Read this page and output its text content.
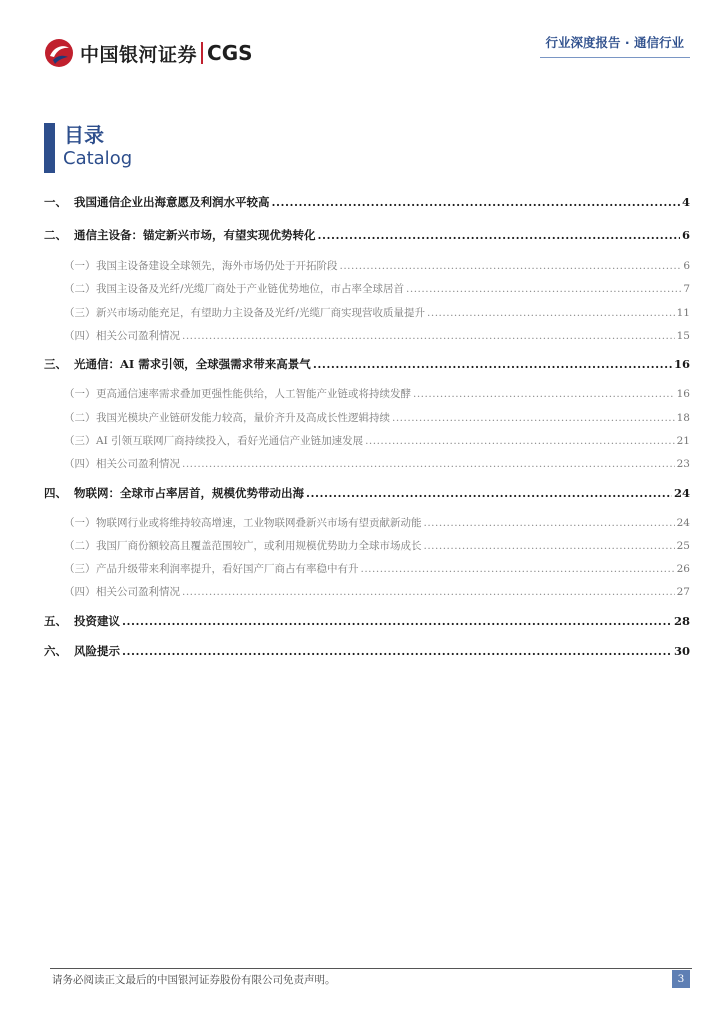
中国银河证券 CGS	行业深度报告 · 通信行业
目录
Catalog
一、 我国通信企业出海意愿及利润水平较高 .....	4
二、 通信主设备：锚定新兴市场，有望实现优势转化 .....	6
（一） 我国主设备建设全球领先，海外市场仍处于开拓阶段 .....	6
（二） 我国主设备及光纤/光缆厂商处于产业链优势地位，市占率全球居首 .....	7
（三） 新兴市场动能充足，有望助力主设备及光纤/光缆厂商实现营收质量提升 .....	11
（四） 相关公司盈利情况 .....	15
三、 光通信：AI 需求引领，全球强需求带来高景气 .....	16
（一） 更高通信速率需求叠加更强性能供给，人工智能产业链或将持续发酵 .....	16
（二） 我国光模块产业链研发能力较高，量价齐升及高成长性逻辑持续 .....	18
（三） AI 引领互联网厂商持续投入，看好光通信产业链加速发展 .....	21
（四） 相关公司盈利情况 .....	23
四、 物联网：全球市占率居首，规模优势带动出海 .....	24
（一） 物联网行业或将维持较高增速，工业物联网叠新兴市场有望贡献新动能 .....	24
（二） 我国厂商份额较高且覆盖范围较广，或利用规模优势助力全球市场成长 .....	25
（三） 产品升级带来利润率提升，看好国产厂商占有率稳中有升 .....	26
（四） 相关公司盈利情况 .....	27
五、 投资建议 .....	28
六、 风险提示 .....	30
请务必阅读正文最后的中国银河证券股份有限公司免责声明。	3
